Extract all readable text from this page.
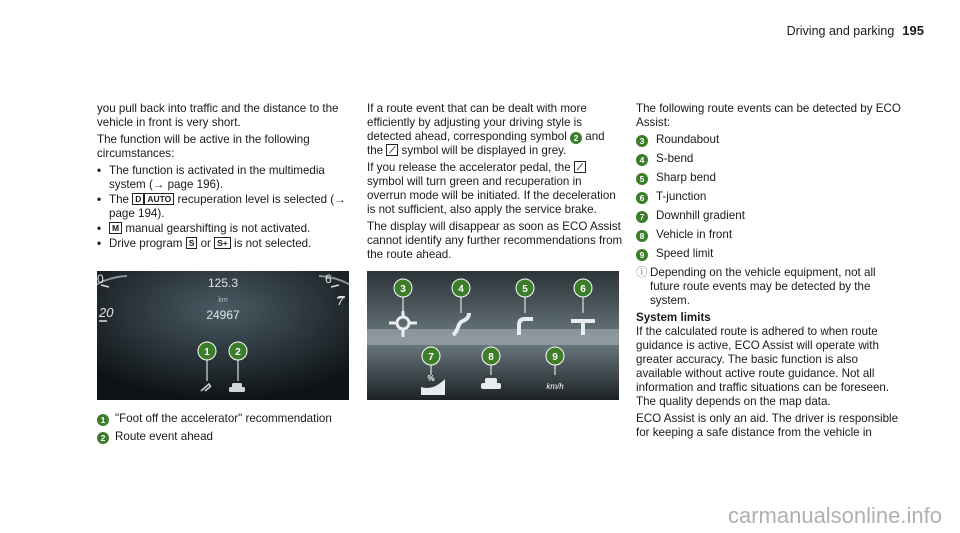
Driving and parking 195

you pull back into traffic and the distance to the vehicle in front is very short.

The function will be active in the following circumstances:

• The function is activated in the multimedia system (→ page 196).
• The D AUTO recuperation level is selected (→ page 194).
• M manual gearshifting is not activated.
• Drive program S or S+ is not selected.
0
20
6
7
125.3
km
24967
1	2
1 "Foot off the accelerator" recommendation
2 Route event ahead

If a route event that can be dealt with more efficiently by adjusting your driving style is detected ahead, corresponding symbol 2 and the ⟋ symbol will be displayed in grey.

If you release the accelerator pedal, the ⟋ symbol will turn green and recuperation in overrun mode will be initiated. If the deceleration is not sufficient, also apply the service brake.

The display will disappear as soon as ECO Assist cannot identify any further recommendations from the route ahead.

%
km/h
3	4	5	6
7	8	9

The following route events can be detected by ECO Assist:

3 Roundabout
4 S-bend
5 Sharp bend
6 T-junction
7 Downhill gradient
8 Vehicle in front
9 Speed limit
ⓘ Depending on the vehicle equipment, not all future route events may be detected by the system.
System limits

If the calculated route is adhered to when route guidance is active, ECO Assist will operate with greater accuracy. The basic function is also available without active route guidance. Not all information and traffic situations can be foreseen. The quality depends on the map data.

ECO Assist is only an aid. The driver is responsible for keeping a safe distance from the vehicle in

carmanualsonline.info
